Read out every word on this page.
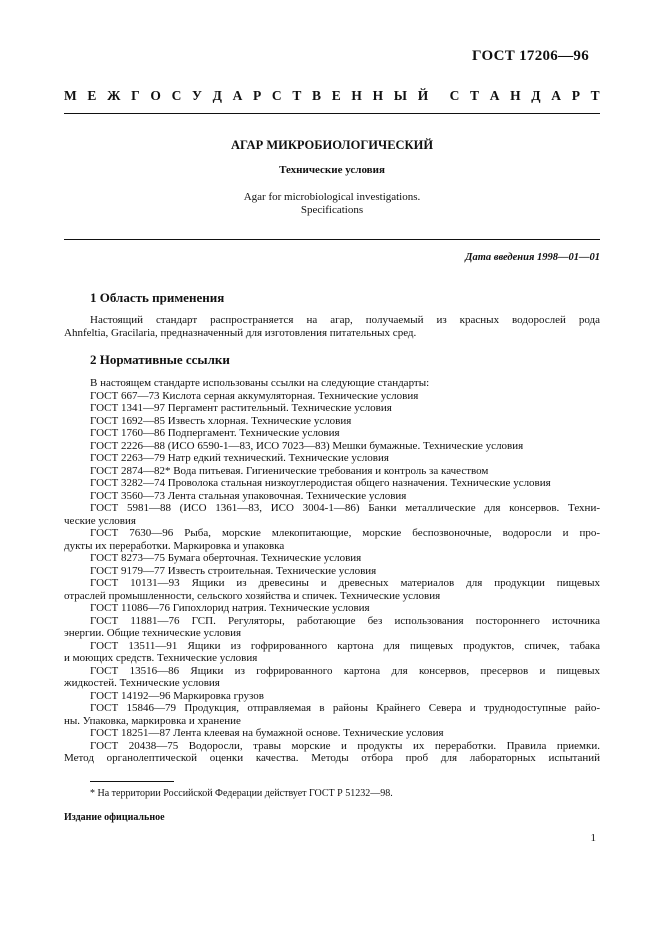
ГОСТ 17206—96
М Е Ж Г О С У Д А Р С Т В Е Н Н Ы Й С Т А Н Д А Р Т
АГАР МИКРОБИОЛОГИЧЕСКИЙ
Технические условия
Agar for microbiological investigations.
Specifications
Дата введения 1998—01—01
1 Область применения
Настоящий стандарт распространяется на агар, получаемый из красных водорослей рода
Ahnfeltia, Gracilaria, предназначенный для изготовления питательных сред.
2 Нормативные ссылки
В настоящем стандарте использованы ссылки на следующие стандарты:
ГОСТ 667—73 Кислота серная аккумуляторная. Технические условия
ГОСТ 1341—97 Пергамент растительный. Технические условия
ГОСТ 1692—85 Известь хлорная. Технические условия
ГОСТ 1760—86 Подпергамент. Технические условия
ГОСТ 2226—88 (ИСО 6590-1—83, ИСО 7023—83) Мешки бумажные. Технические условия
ГОСТ 2263—79 Натр едкий технический. Технические условия
ГОСТ 2874—82* Вода питьевая. Гигиенические требования и контроль за качеством
ГОСТ 3282—74 Проволока стальная низкоуглеродистая общего назначения. Технические условия
ГОСТ 3560—73 Лента стальная упаковочная. Технические условия
ГОСТ 5981—88 (ИСО 1361—83, ИСО 3004-1—86) Банки металлические для консервов. Техни-
ческие условия
ГОСТ 7630—96 Рыба, морские млекопитающие, морские беспозвоночные, водоросли и про-
дукты их переработки. Маркировка и упаковка
ГОСТ 8273—75 Бумага оберточная. Технические условия
ГОСТ 9179—77 Известь строительная. Технические условия
ГОСТ 10131—93 Ящики из древесины и древесных материалов для продукции пищевых
отраслей промышленности, сельского хозяйства и спичек. Технические условия
ГОСТ 11086—76 Гипохлорид натрия. Технические условия
ГОСТ 11881—76 ГСП. Регуляторы, работающие без использования постороннего источника
энергии. Общие технические условия
ГОСТ 13511—91 Ящики из гофрированного картона для пищевых продуктов, спичек, табака
и моющих средств. Технические условия
ГОСТ 13516—86 Ящики из гофрированного картона для консервов, пресервов и пищевых
жидкостей. Технические условия
ГОСТ 14192—96 Маркировка грузов
ГОСТ 15846—79 Продукция, отправляемая в районы Крайнего Севера и труднодоступные райо-
ны. Упаковка, маркировка и хранение
ГОСТ 18251—87 Лента клеевая на бумажной основе. Технические условия
ГОСТ 20438—75 Водоросли, травы морские и продукты их переработки. Правила приемки.
Метод органолептической оценки качества. Методы отбора проб для лабораторных испытаний
* На территории Российской Федерации действует ГОСТ Р 51232—98.
Издание официальное
1
